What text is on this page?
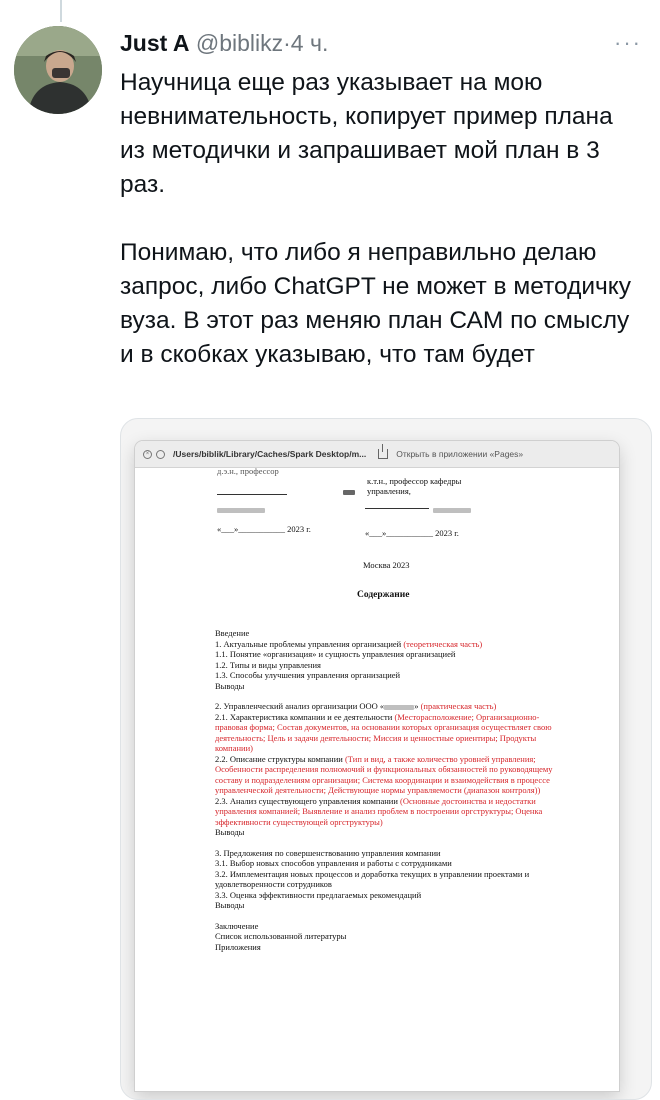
Just A @biblikz·4 ч.	···

Научница еще раз указывает на мою невнимательность, копирует пример плана из методички и запрашивает мой план в 3 раз.

Понимаю, что либо я неправильно делаю запрос, либо ChatGPT не может в методичку вуза. В этот раз меняю план САМ по смыслу и в скобках указываю, что там будет

×	/Users/biblik/Library/Caches/Spark Desktop/m...	Открыть в приложении «Pages»
д.э.н., профессор
к.т.н., профессор кафедры
управления,
«___»___________ 2023 г.	«___»___________ 2023 г.
Москва 2023
Содержание
Введение
1. Актуальные проблемы управления организацией (теоретическая часть)
1.1. Понятие «организация» и сущность управления организацией
1.2. Типы и виды управления
1.3. Способы улучшения управления организацией
Выводы
2. Управленческий анализ организации ООО «	» (практическая часть)
2.1. Характеристика компании и ее деятельности (Месторасположение; Организационно-правовая форма; Состав документов, на основании которых организация осуществляет свою деятельность; Цель и задачи деятельности; Миссия и ценностные ориентиры; Продукты компании)
2.2. Описание структуры компании (Тип и вид, а также количество уровней управления; Особенности распределения полномочий и функциональных обязанностей по руководящему составу и подразделениям организации; Система координации и взаимодействия в процессе управленческой деятельности; Действующие нормы управляемости (диапазон контроля))
2.3. Анализ существующего управления компании (Основные достоинства и недостатки управления компанией; Выявление и анализ проблем в построении оргструктуры; Оценка эффективности существующей оргструктуры)
Выводы
3. Предложения по совершенствованию управления компании
3.1. Выбор новых способов управления и работы с сотрудниками
3.2. Имплементация новых процессов и доработка текущих в управлении проектами и удовлетворенности сотрудников
3.3. Оценка эффективности предлагаемых рекомендаций
Выводы
Заключение
Список использованной литературы
Приложения
